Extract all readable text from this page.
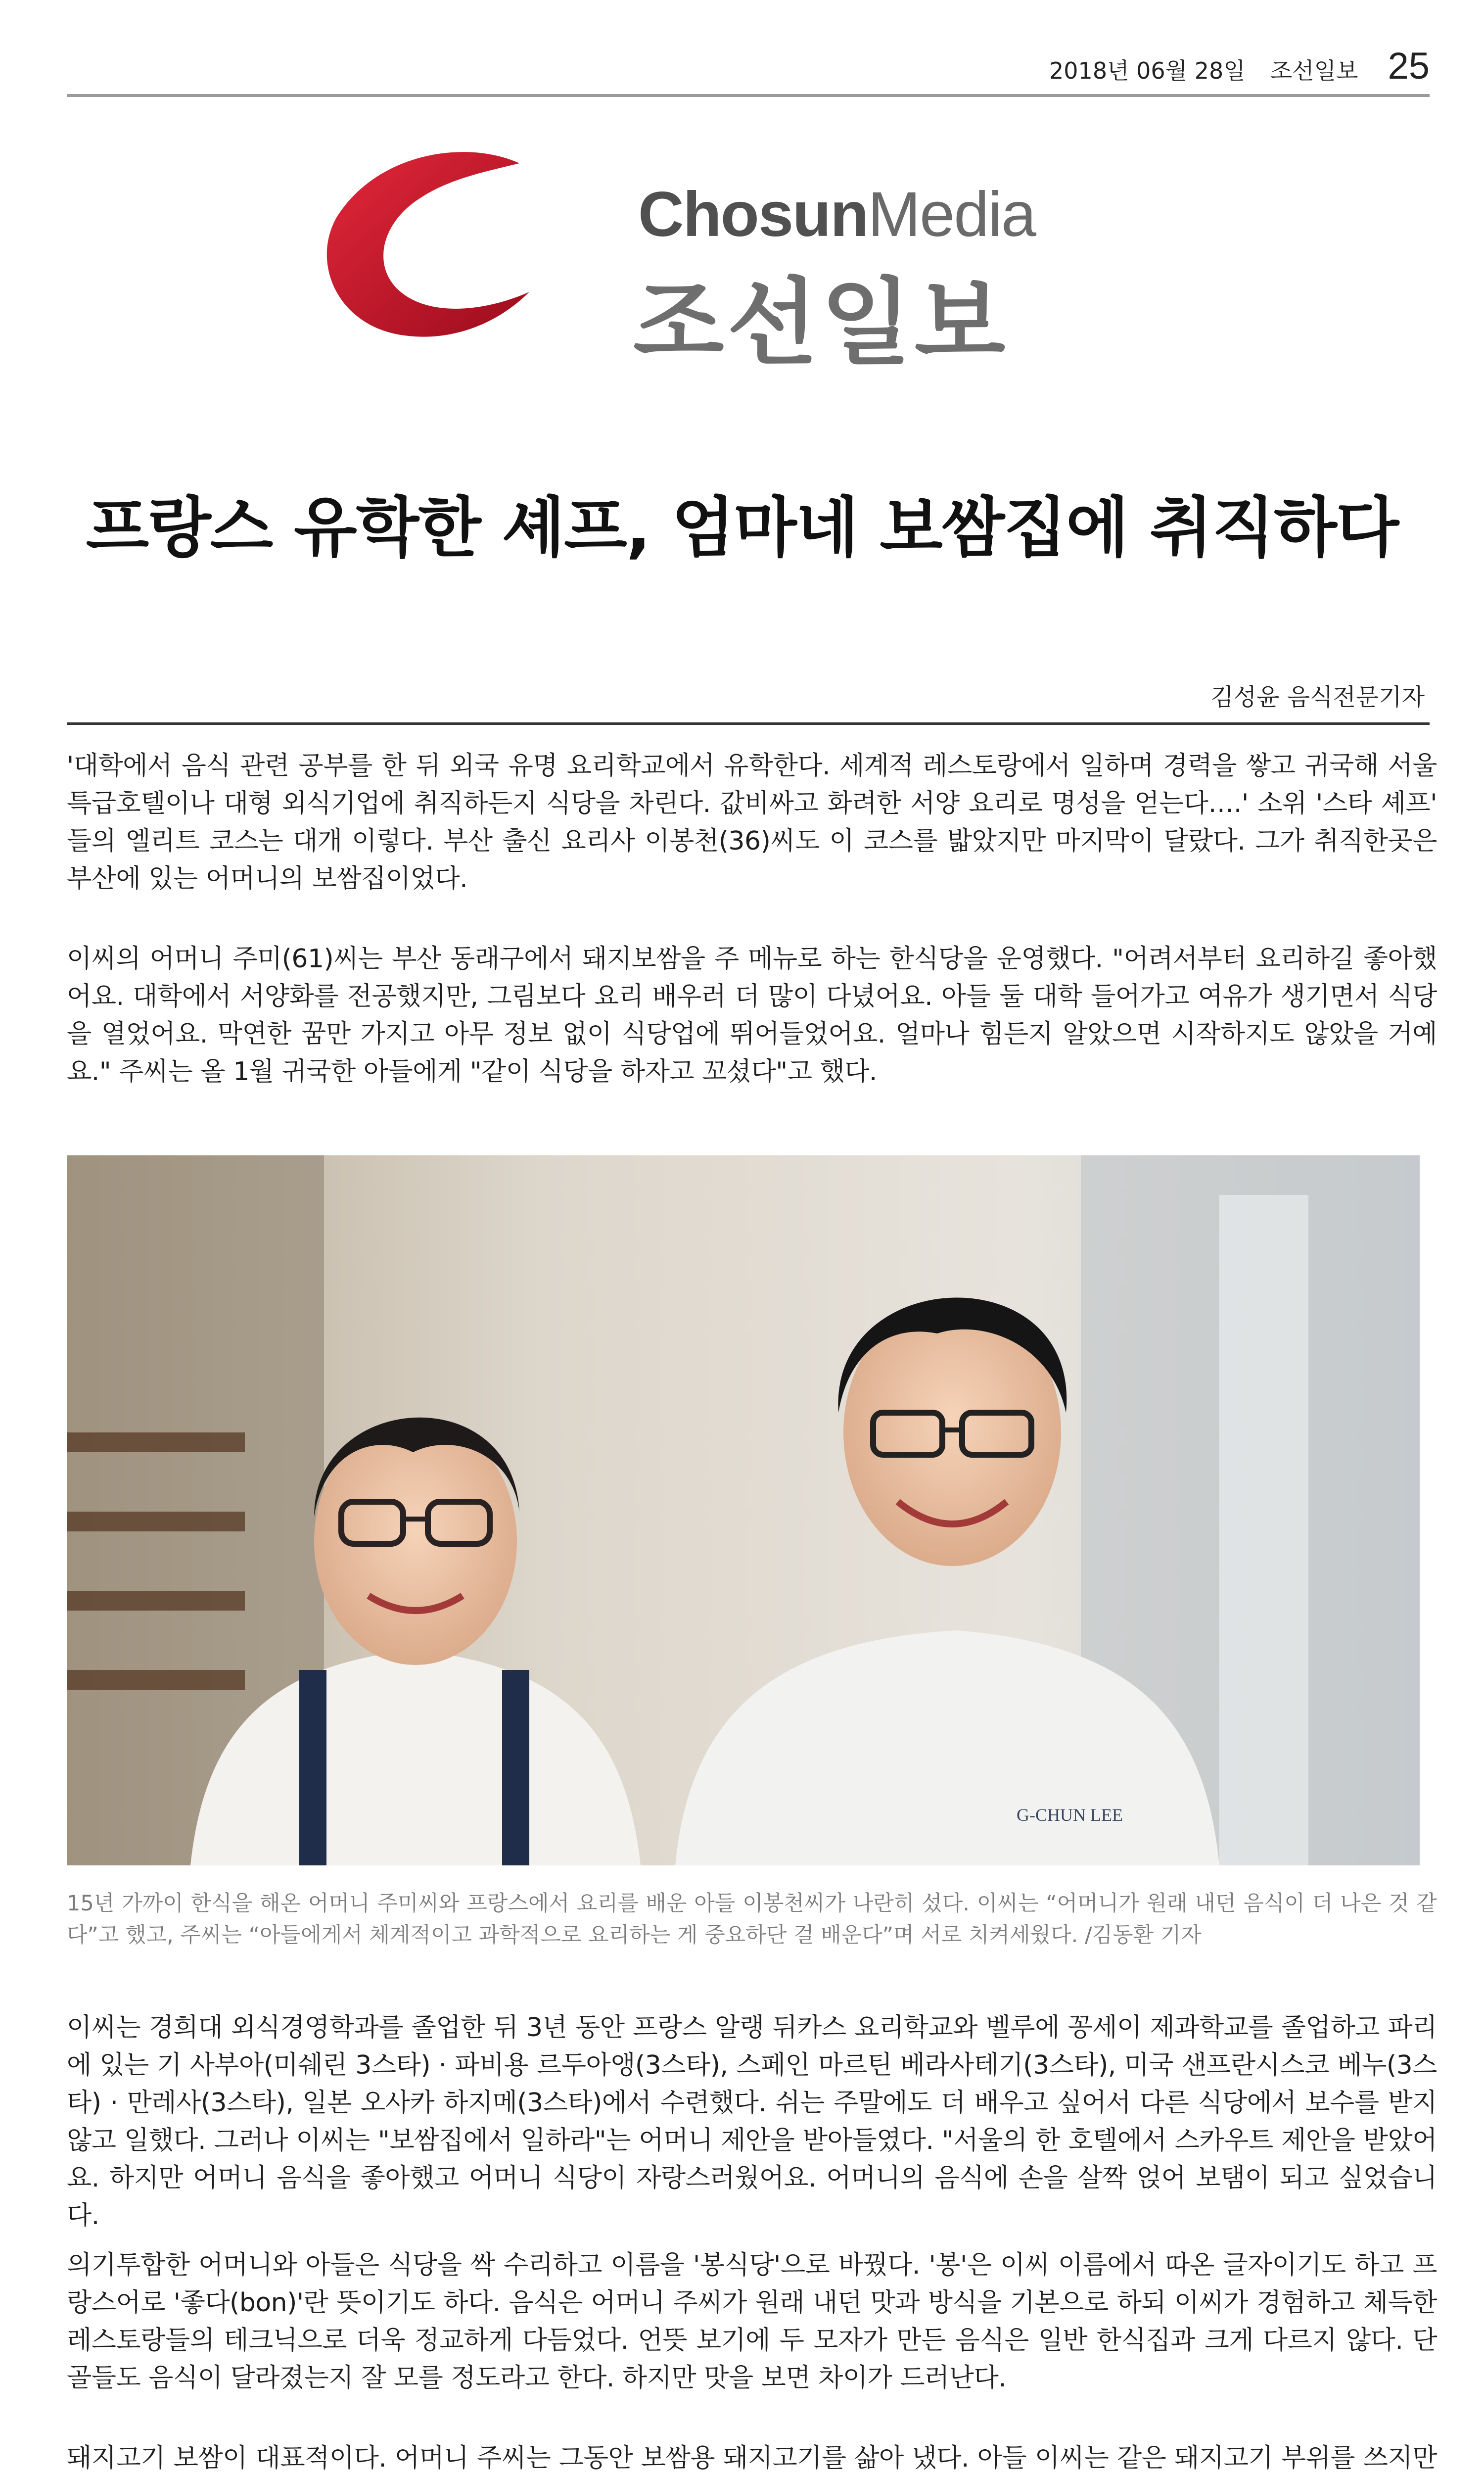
2018년 06월 28일 조선일보 25
ChosunMedia
조선일보
프랑스 유학한 셰프, 엄마네 보쌈집에 취직하다
김성윤 음식전문기자
'대학에서 음식 관련 공부를 한 뒤 외국 유명 요리학교에서 유학한다. 세계적 레스토랑에서 일하며 경력을 쌓고 귀국해 서울 특급호텔이나 대형 외식기업에 취직하든지 식당을 차린다. 값비싸고 화려한 서양 요리로 명성을 얻는다….' 소위 '스타 셰프' 들의 엘리트 코스는 대개 이렇다. 부산 출신 요리사 이봉천(36)씨도 이 코스를 밟았지만 마지막이 달랐다. 그가 취직한곳은 부산에 있는 어머니의 보쌈집이었다.
이씨의 어머니 주미(61)씨는 부산 동래구에서 돼지보쌈을 주 메뉴로 하는 한식당을 운영했다. "어려서부터 요리하길 좋아했어요. 대학에서 서양화를 전공했지만, 그림보다 요리 배우러 더 많이 다녔어요. 아들 둘 대학 들어가고 여유가 생기면서 식당을 열었어요. 막연한 꿈만 가지고 아무 정보 없이 식당업에 뛰어들었어요. 얼마나 힘든지 알았으면 시작하지도 않았을 거예요." 주씨는 올 1월 귀국한 아들에게 "같이 식당을 하자고 꼬셨다"고 했다.
G-CHUN LEE
15년 가까이 한식을 해온 어머니 주미씨와 프랑스에서 요리를 배운 아들 이봉천씨가 나란히 섰다. 이씨는 “어머니가 원래 내던 음식이 더 나은 것 같다”고 했고, 주씨는 “아들에게서 체계적이고 과학적으로 요리하는 게 중요하단 걸 배운다”며 서로 치켜세웠다. /김동환 기자
이씨는 경희대 외식경영학과를 졸업한 뒤 3년 동안 프랑스 알랭 뒤카스 요리학교와 벨루에 꽁세이 제과학교를 졸업하고 파리에 있는 기 사부아(미쉐린 3스타) · 파비용 르두아앵(3스타), 스페인 마르틴 베라사테기(3스타), 미국 샌프란시스코 베누(3스타) · 만레사(3스타), 일본 오사카 하지메(3스타)에서 수련했다. 쉬는 주말에도 더 배우고 싶어서 다른 식당에서 보수를 받지 않고 일했다. 그러나 이씨는 "보쌈집에서 일하라"는 어머니 제안을 받아들였다. "서울의 한 호텔에서 스카우트 제안을 받았어요. 하지만 어머니 음식을 좋아했고 어머니 식당이 자랑스러웠어요. 어머니의 음식에 손을 살짝 얹어 보탬이 되고 싶었습니다.
의기투합한 어머니와 아들은 식당을 싹 수리하고 이름을 '봉식당'으로 바꿨다. '봉'은 이씨 이름에서 따온 글자이기도 하고 프랑스어로 '좋다(bon)'란 뜻이기도 하다. 음식은 어머니 주씨가 원래 내던 맛과 방식을 기본으로 하되 이씨가 경험하고 체득한 레스토랑들의 테크닉으로 더욱 정교하게 다듬었다. 언뜻 보기에 두 모자가 만든 음식은 일반 한식집과 크게 다르지 않다. 단골들도 음식이 달라졌는지 잘 모를 정도라고 한다. 하지만 맛을 보면 차이가 드러난다.
돼지고기 보쌈이 대표적이다. 어머니 주씨는 그동안 보쌈용 돼지고기를 삶아 냈다. 아들 이씨는 같은 돼지고기 부위를 쓰지만
